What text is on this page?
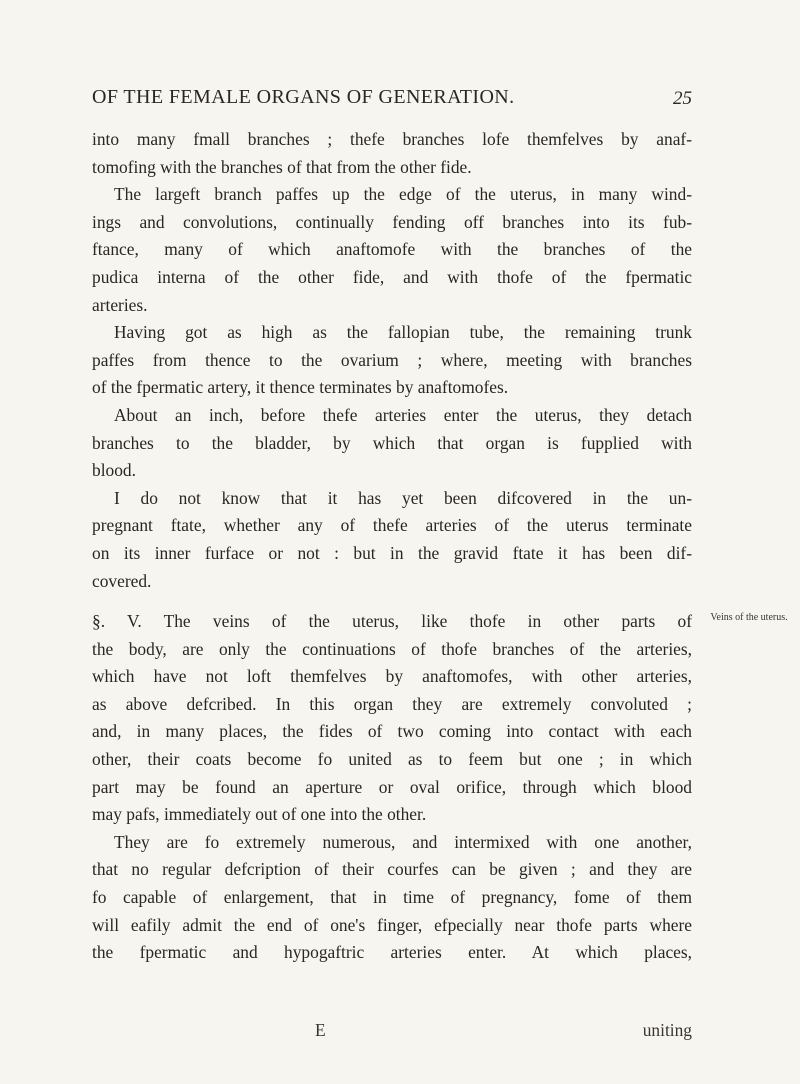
OF THE FEMALE ORGANS OF GENERATION.	25
into many fmall branches ; thefe branches lofe themfelves by anaf-
tomofing with the branches of that from the other fide.
The largeft branch paffes up the edge of the uterus, in many wind-
ings and convolutions, continually fending off branches into its fub-
ftance, many of which anaftomofe with the branches of the
pudica interna of the other fide, and with thofe of the fpermatic
arteries.
Having got as high as the fallopian tube, the remaining trunk
paffes from thence to the ovarium ; where, meeting with branches
of the fpermatic artery, it thence terminates by anaftomofes.
About an inch, before thefe arteries enter the uterus, they detach
branches to the bladder, by which that organ is fupplied with
blood.
I do not know that it has yet been difcovered in the un-
pregnant ftate, whether any of thefe arteries of the uterus terminate
on its inner furface or not : but in the gravid ftate it has been dif-
covered.
§. V. The veins of the uterus, like thofe in other parts of
the body, are only the continuations of thofe branches of the arteries,
which have not loft themfelves by anaftomofes, with other arteries,
as above defcribed. In this organ they are extremely convoluted ;
and, in many places, the fides of two coming into contact with each
other, their coats become fo united as to feem but one ; in which
part may be found an aperture or oval orifice, through which blood
may pafs, immediately out of one into the other.
They are fo extremely numerous, and intermixed with one another,
that no regular defcription of their courfes can be given ; and they are
fo capable of enlargement, that in time of pregnancy, fome of them
will eafily admit the end of one's finger, efpecially near thofe parts where
the fpermatic and hypogaftric arteries enter. At which places,
Veins of the uterus.
E	uniting
